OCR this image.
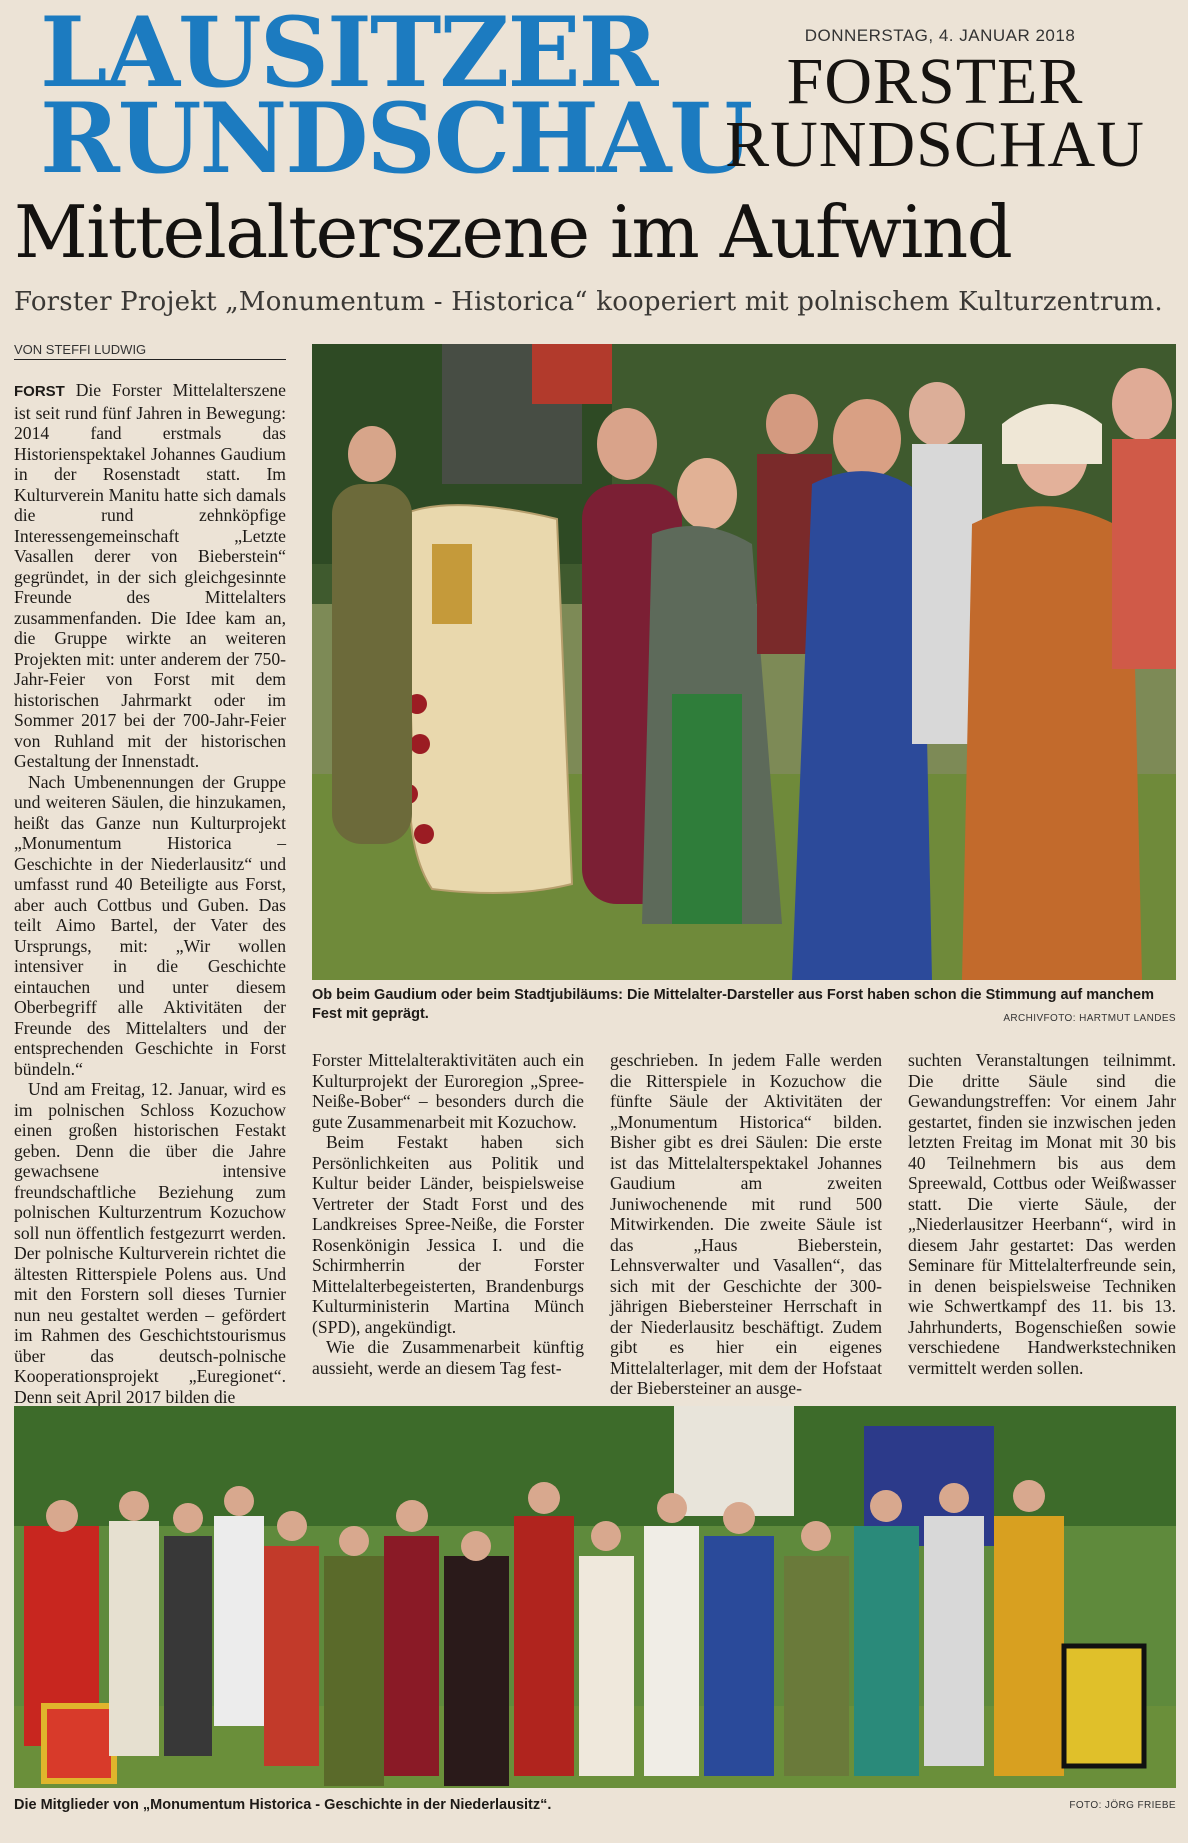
LAUSITZER
RUNDSCHAU
DONNERSTAG, 4. JANUAR 2018
FORSTER
RUNDSCHAU
Mittelalterszene im Aufwind
Forster Projekt „Monumentum - Historica“ kooperiert mit polnischem Kulturzentrum.
VON STEFFI LUDWIG

FORST Die Forster Mittelalterszene ist seit rund fünf Jahren in Bewegung: 2014 fand erstmals das Historienspektakel Johannes Gaudium in der Rosenstadt statt. Im Kulturverein Manitu hatte sich damals die rund zehnköpfige Interessengemeinschaft „Letzte Vasallen derer von Bieberstein“ gegründet, in der sich gleichgesinnte Freunde des Mittelalters zusammenfanden. Die Idee kam an, die Gruppe wirkte an weiteren Projekten mit: unter anderem der 750-Jahr-Feier von Forst mit dem historischen Jahrmarkt oder im Sommer 2017 bei der 700-Jahr-Feier von Ruhland mit der historischen Gestaltung der Innenstadt.

Nach Umbenennungen der Gruppe und weiteren Säulen, die hinzukamen, heißt das Ganze nun Kulturprojekt „Monumentum Historica – Geschichte in der Niederlausitz“ und umfasst rund 40 Beteiligte aus Forst, aber auch Cottbus und Guben. Das teilt Aimo Bartel, der Vater des Ursprungs, mit: „Wir wollen intensiver in die Geschichte eintauchen und unter diesem Oberbegriff alle Aktivitäten der Freunde des Mittelalters und der entsprechenden Geschichte in Forst bündeln.“

Und am Freitag, 12. Januar, wird es im polnischen Schloss Kozuchow einen großen historischen Festakt geben. Denn die über die Jahre gewachsene intensive freundschaftliche Beziehung zum polnischen Kulturzentrum Kozuchow soll nun öffentlich festgezurrt werden. Der polnische Kulturverein richtet die ältesten Ritterspiele Polens aus. Und mit den Forstern soll dieses Turnier nun neu gestaltet werden – gefördert im Rahmen des Geschichtstourismus über das deutsch-polnische Kooperationsprojekt „Euregionet“. Denn seit April 2017 bilden die

Ob beim Gaudium oder beim Stadtjubiläums: Die Mittelalter-Darsteller aus Forst haben schon die Stimmung auf manchem Fest mit geprägt.	ARCHIVFOTO: HARTMUT LANDES

Forster Mittelalteraktivitäten auch ein Kulturprojekt der Euroregion „Spree-Neiße-Bober“ – besonders durch die gute Zusammenarbeit mit Kozuchow.

Beim Festakt haben sich Persönlichkeiten aus Politik und Kultur beider Länder, beispielsweise Vertreter der Stadt Forst und des Landkreises Spree-Neiße, die Forster Rosenkönigin Jessica I. und die Schirmherrin der Forster Mittelalterbegeisterten, Brandenburgs Kulturministerin Martina Münch (SPD), angekündigt.

Wie die Zusammenarbeit künftig aussieht, werde an diesem Tag fest-

geschrieben. In jedem Falle werden die Ritterspiele in Kozuchow die fünfte Säule der Aktivitäten der „Monumentum Historica“ bilden. Bisher gibt es drei Säulen: Die erste ist das Mittelalterspektakel Johannes Gaudium am zweiten Juniwochenende mit rund 500 Mitwirkenden. Die zweite Säule ist das „Haus Bieberstein, Lehnsverwalter und Vasallen“, das sich mit der Geschichte der 300-jährigen Biebersteiner Herrschaft in der Niederlausitz beschäftigt. Zudem gibt es hier ein eigenes Mittelalterlager, mit dem der Hofstaat der Biebersteiner an ausge-

suchten Veranstaltungen teilnimmt. Die dritte Säule sind die Gewandungstreffen: Vor einem Jahr gestartet, finden sie inzwischen jeden letzten Freitag im Monat mit 30 bis 40 Teilnehmern bis aus dem Spreewald, Cottbus oder Weißwasser statt. Die vierte Säule, der „Niederlausitzer Heerbann“, wird in diesem Jahr gestartet: Das werden Seminare für Mittelalterfreunde sein, in denen beispielsweise Techniken wie Schwertkampf des 11. bis 13. Jahrhunderts, Bogenschießen sowie verschiedene Handwerkstechniken vermittelt werden sollen.

Die Mitglieder von „Monumentum Historica - Geschichte in der Niederlausitz“.	FOTO: JÖRG FRIEBE
